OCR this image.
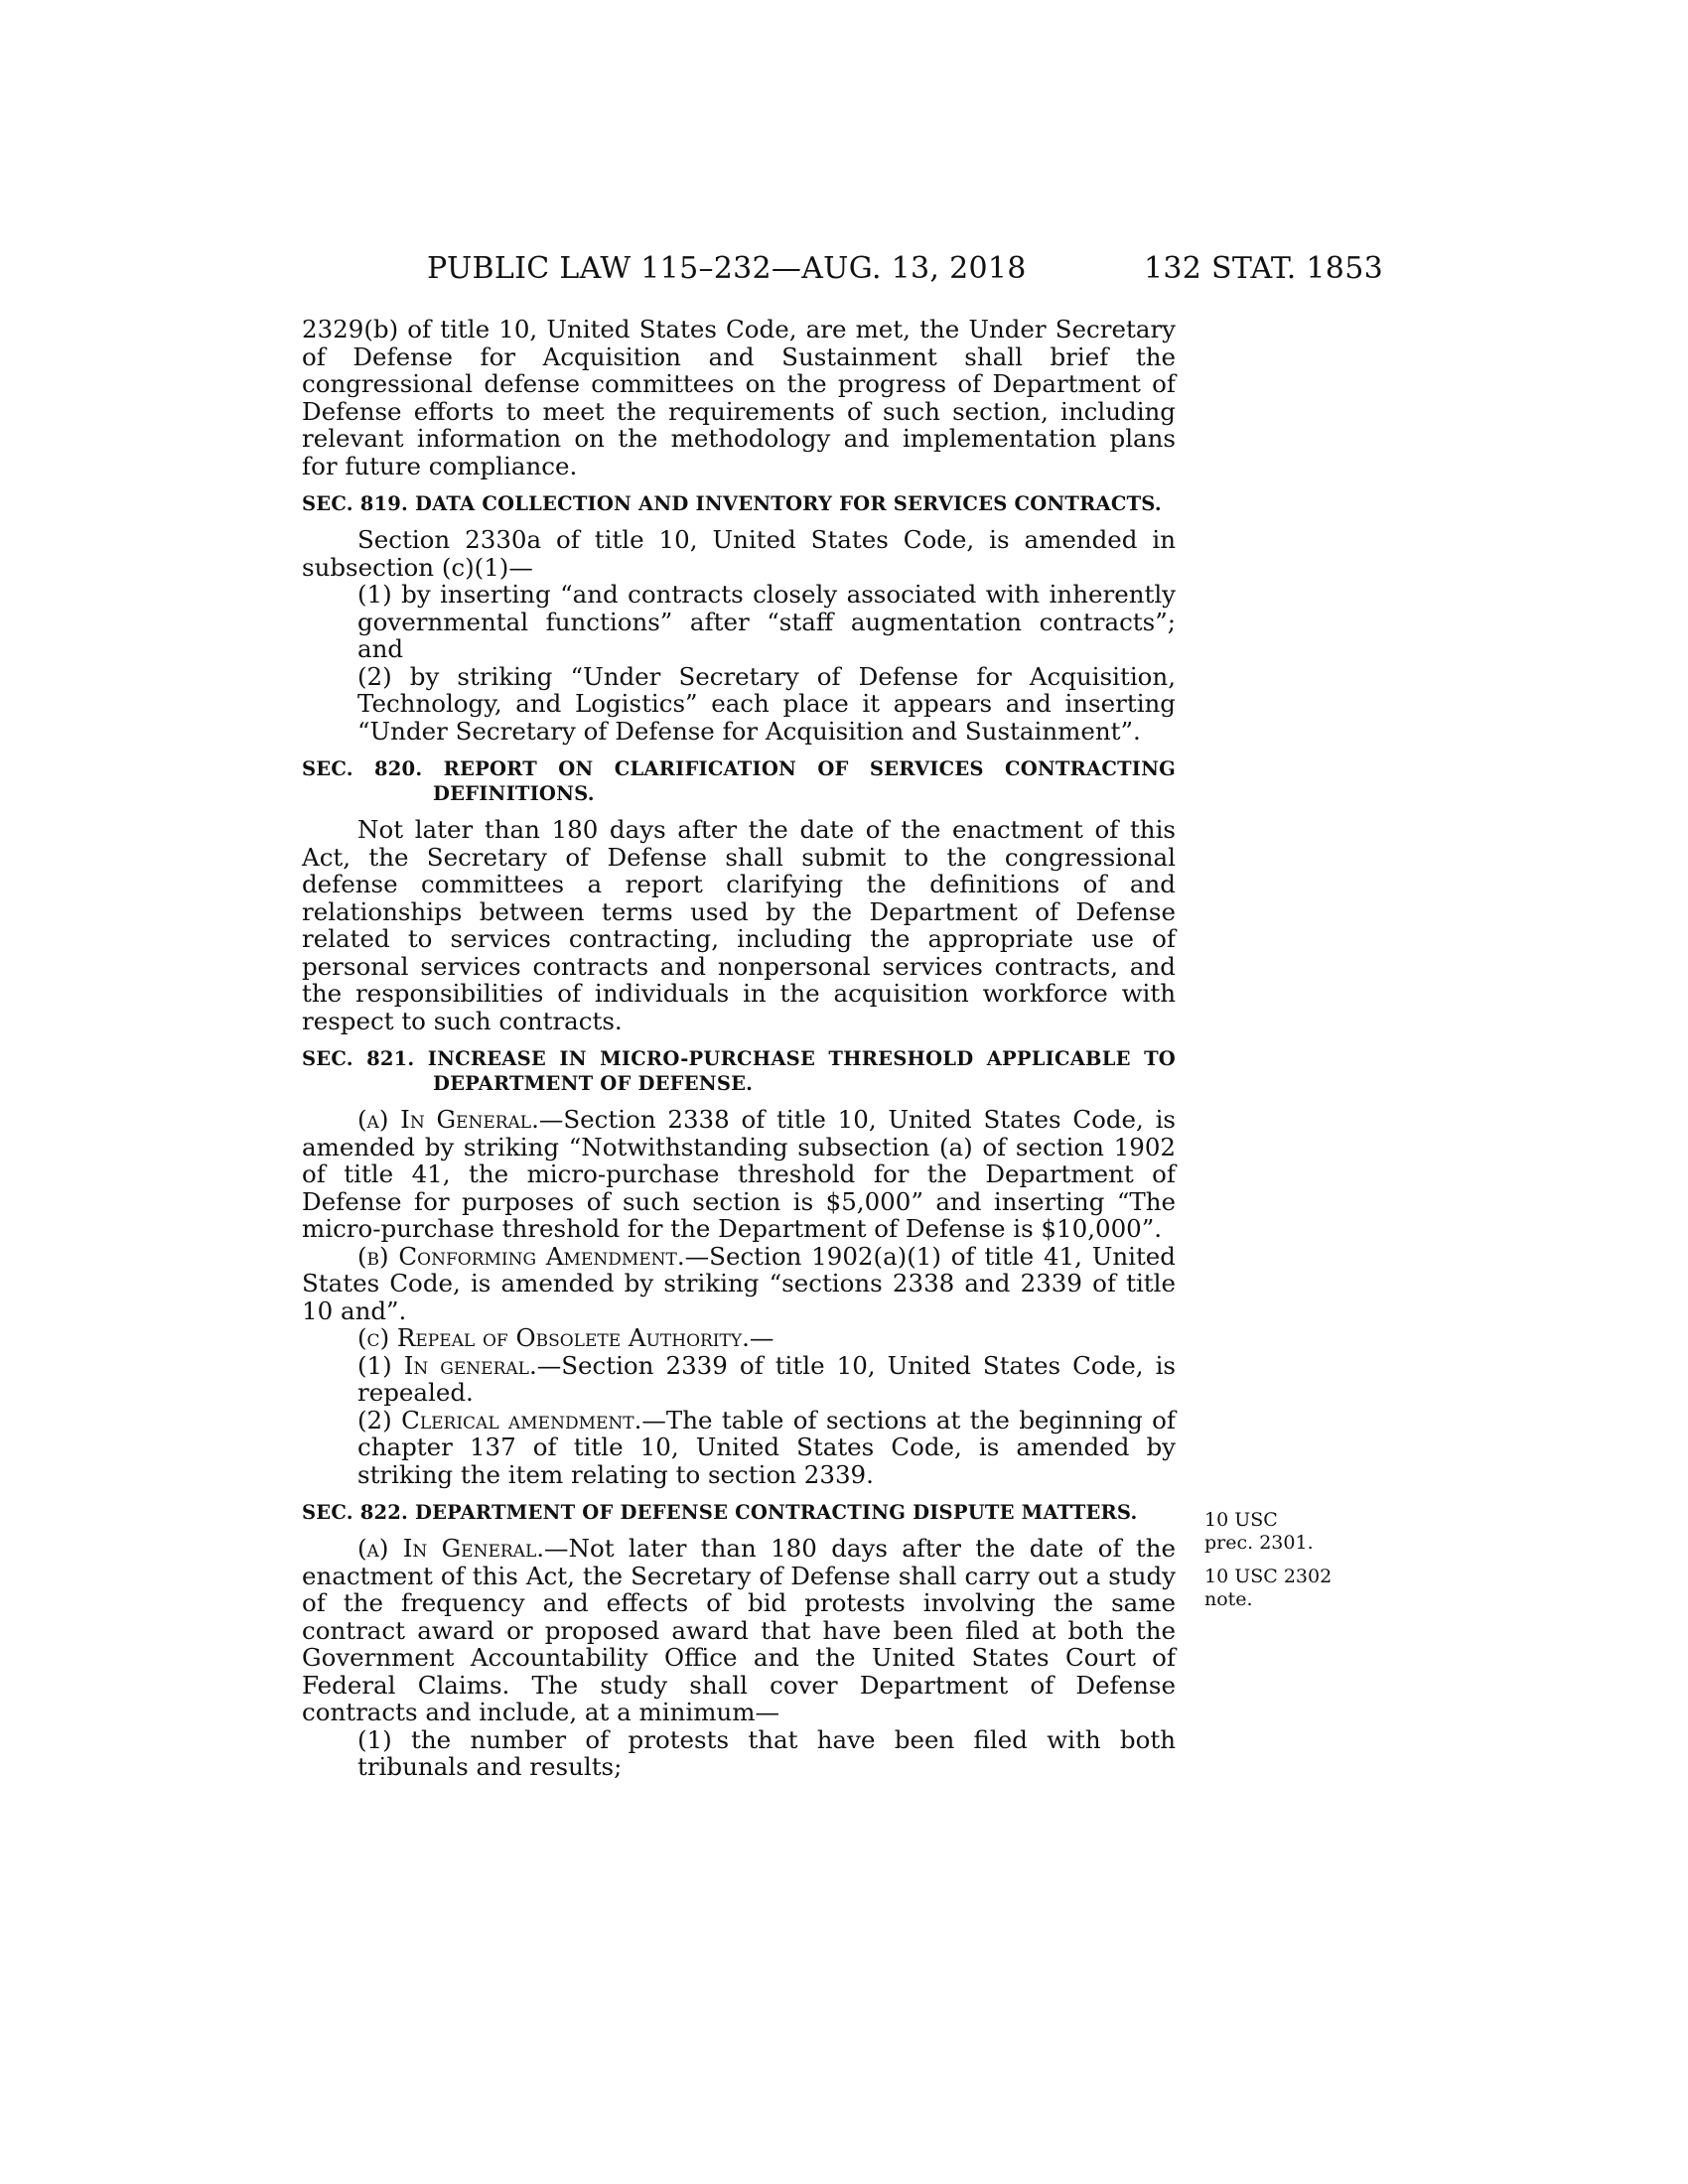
PUBLIC LAW 115–232—AUG. 13, 2018	132 STAT. 1853

2329(b) of title 10, United States Code, are met, the Under Secretary of Defense for Acquisition and Sustainment shall brief the congressional defense committees on the progress of Department of Defense efforts to meet the requirements of such section, including relevant information on the methodology and implementation plans for future compliance.

SEC. 819. DATA COLLECTION AND INVENTORY FOR SERVICES CONTRACTS.

Section 2330a of title 10, United States Code, is amended in subsection (c)(1)—

(1) by inserting “and contracts closely associated with inherently governmental functions” after “staff augmentation contracts”; and

(2) by striking “Under Secretary of Defense for Acquisition, Technology, and Logistics” each place it appears and inserting “Under Secretary of Defense for Acquisition and Sustainment”.

SEC. 820. REPORT ON CLARIFICATION OF SERVICES CONTRACTING DEFINITIONS.

Not later than 180 days after the date of the enactment of this Act, the Secretary of Defense shall submit to the congressional defense committees a report clarifying the definitions of and relationships between terms used by the Department of Defense related to services contracting, including the appropriate use of personal services contracts and nonpersonal services contracts, and the responsibilities of individuals in the acquisition workforce with respect to such contracts.

SEC. 821. INCREASE IN MICRO-PURCHASE THRESHOLD APPLICABLE TO DEPARTMENT OF DEFENSE.

(a) In General.—Section 2338 of title 10, United States Code, is amended by striking “Notwithstanding subsection (a) of section 1902 of title 41, the micro-purchase threshold for the Department of Defense for purposes of such section is $5,000” and inserting “The micro-purchase threshold for the Department of Defense is $10,000”.

(b) Conforming Amendment.—Section 1902(a)(1) of title 41, United States Code, is amended by striking “sections 2338 and 2339 of title 10 and”.

(c) Repeal of Obsolete Authority.—

(1) In general.—Section 2339 of title 10, United States Code, is repealed.

(2) Clerical amendment.—The table of sections at the beginning of chapter 137 of title 10, United States Code, is amended by striking the item relating to section 2339.

SEC. 822. DEPARTMENT OF DEFENSE CONTRACTING DISPUTE MATTERS.

(a) In General.—Not later than 180 days after the date of the enactment of this Act, the Secretary of Defense shall carry out a study of the frequency and effects of bid protests involving the same contract award or proposed award that have been filed at both the Government Accountability Office and the United States Court of Federal Claims. The study shall cover Department of Defense contracts and include, at a minimum—

(1) the number of protests that have been filed with both tribunals and results;

10 USC
prec. 2301.
10 USC 2302
note.
